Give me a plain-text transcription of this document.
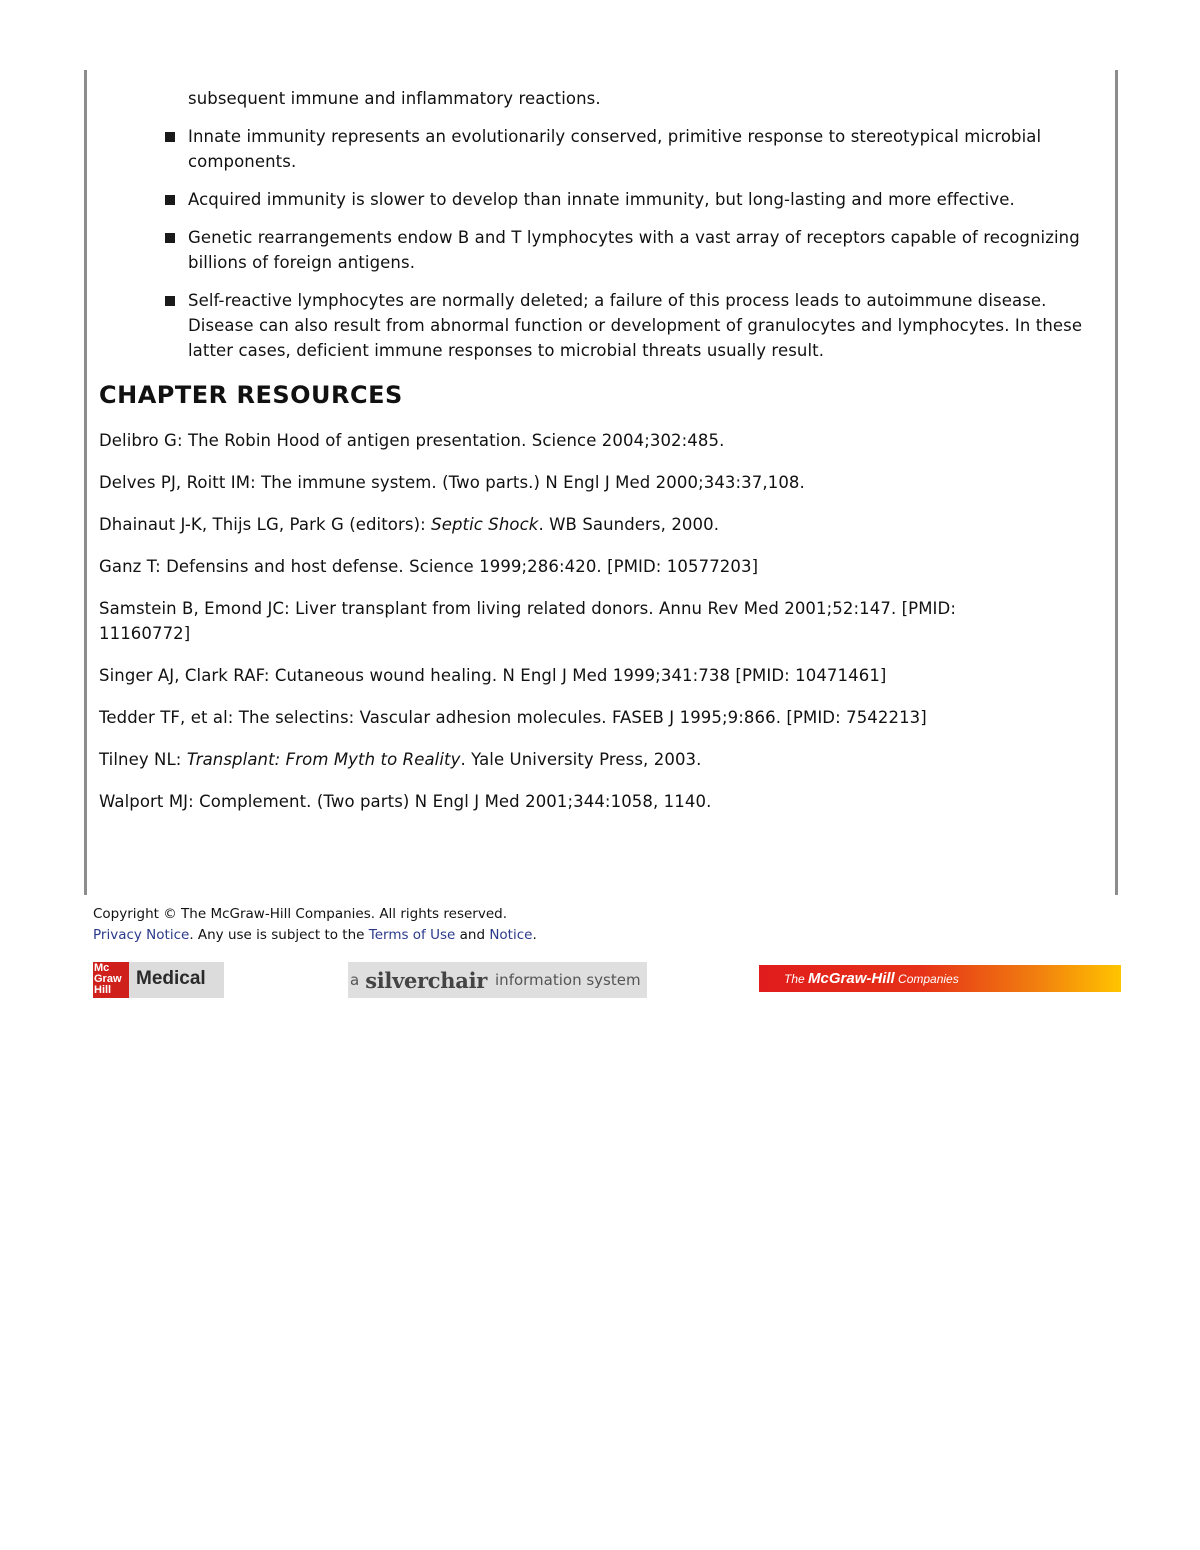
subsequent immune and inflammatory reactions.
Innate immunity represents an evolutionarily conserved, primitive response to stereotypical microbial components.
Acquired immunity is slower to develop than innate immunity, but long-lasting and more effective.
Genetic rearrangements endow B and T lymphocytes with a vast array of receptors capable of recognizing billions of foreign antigens.
Self-reactive lymphocytes are normally deleted; a failure of this process leads to autoimmune disease. Disease can also result from abnormal function or development of granulocytes and lymphocytes. In these latter cases, deficient immune responses to microbial threats usually result.
CHAPTER RESOURCES

Delibro G: The Robin Hood of antigen presentation. Science 2004;302:485.

Delves PJ, Roitt IM: The immune system. (Two parts.) N Engl J Med 2000;343:37,108.

Dhainaut J-K, Thijs LG, Park G (editors): Septic Shock. WB Saunders, 2000.

Ganz T: Defensins and host defense. Science 1999;286:420. [PMID: 10577203]

Samstein B, Emond JC: Liver transplant from living related donors. Annu Rev Med 2001;52:147. [PMID: 11160772]

Singer AJ, Clark RAF: Cutaneous wound healing. N Engl J Med 1999;341:738 [PMID: 10471461]

Tedder TF, et al: The selectins: Vascular adhesion molecules. FASEB J 1995;9:866. [PMID: 7542213]

Tilney NL: Transplant: From Myth to Reality. Yale University Press, 2003.

Walport MJ: Complement. (Two parts) N Engl J Med 2001;344:1058, 1140.

Copyright © The McGraw-Hill Companies. All rights reserved.
Privacy Notice. Any use is subject to the Terms of Use and Notice.
Mc
Graw
Hill
Medical	a silverchair information system	The McGraw-Hill Companies
